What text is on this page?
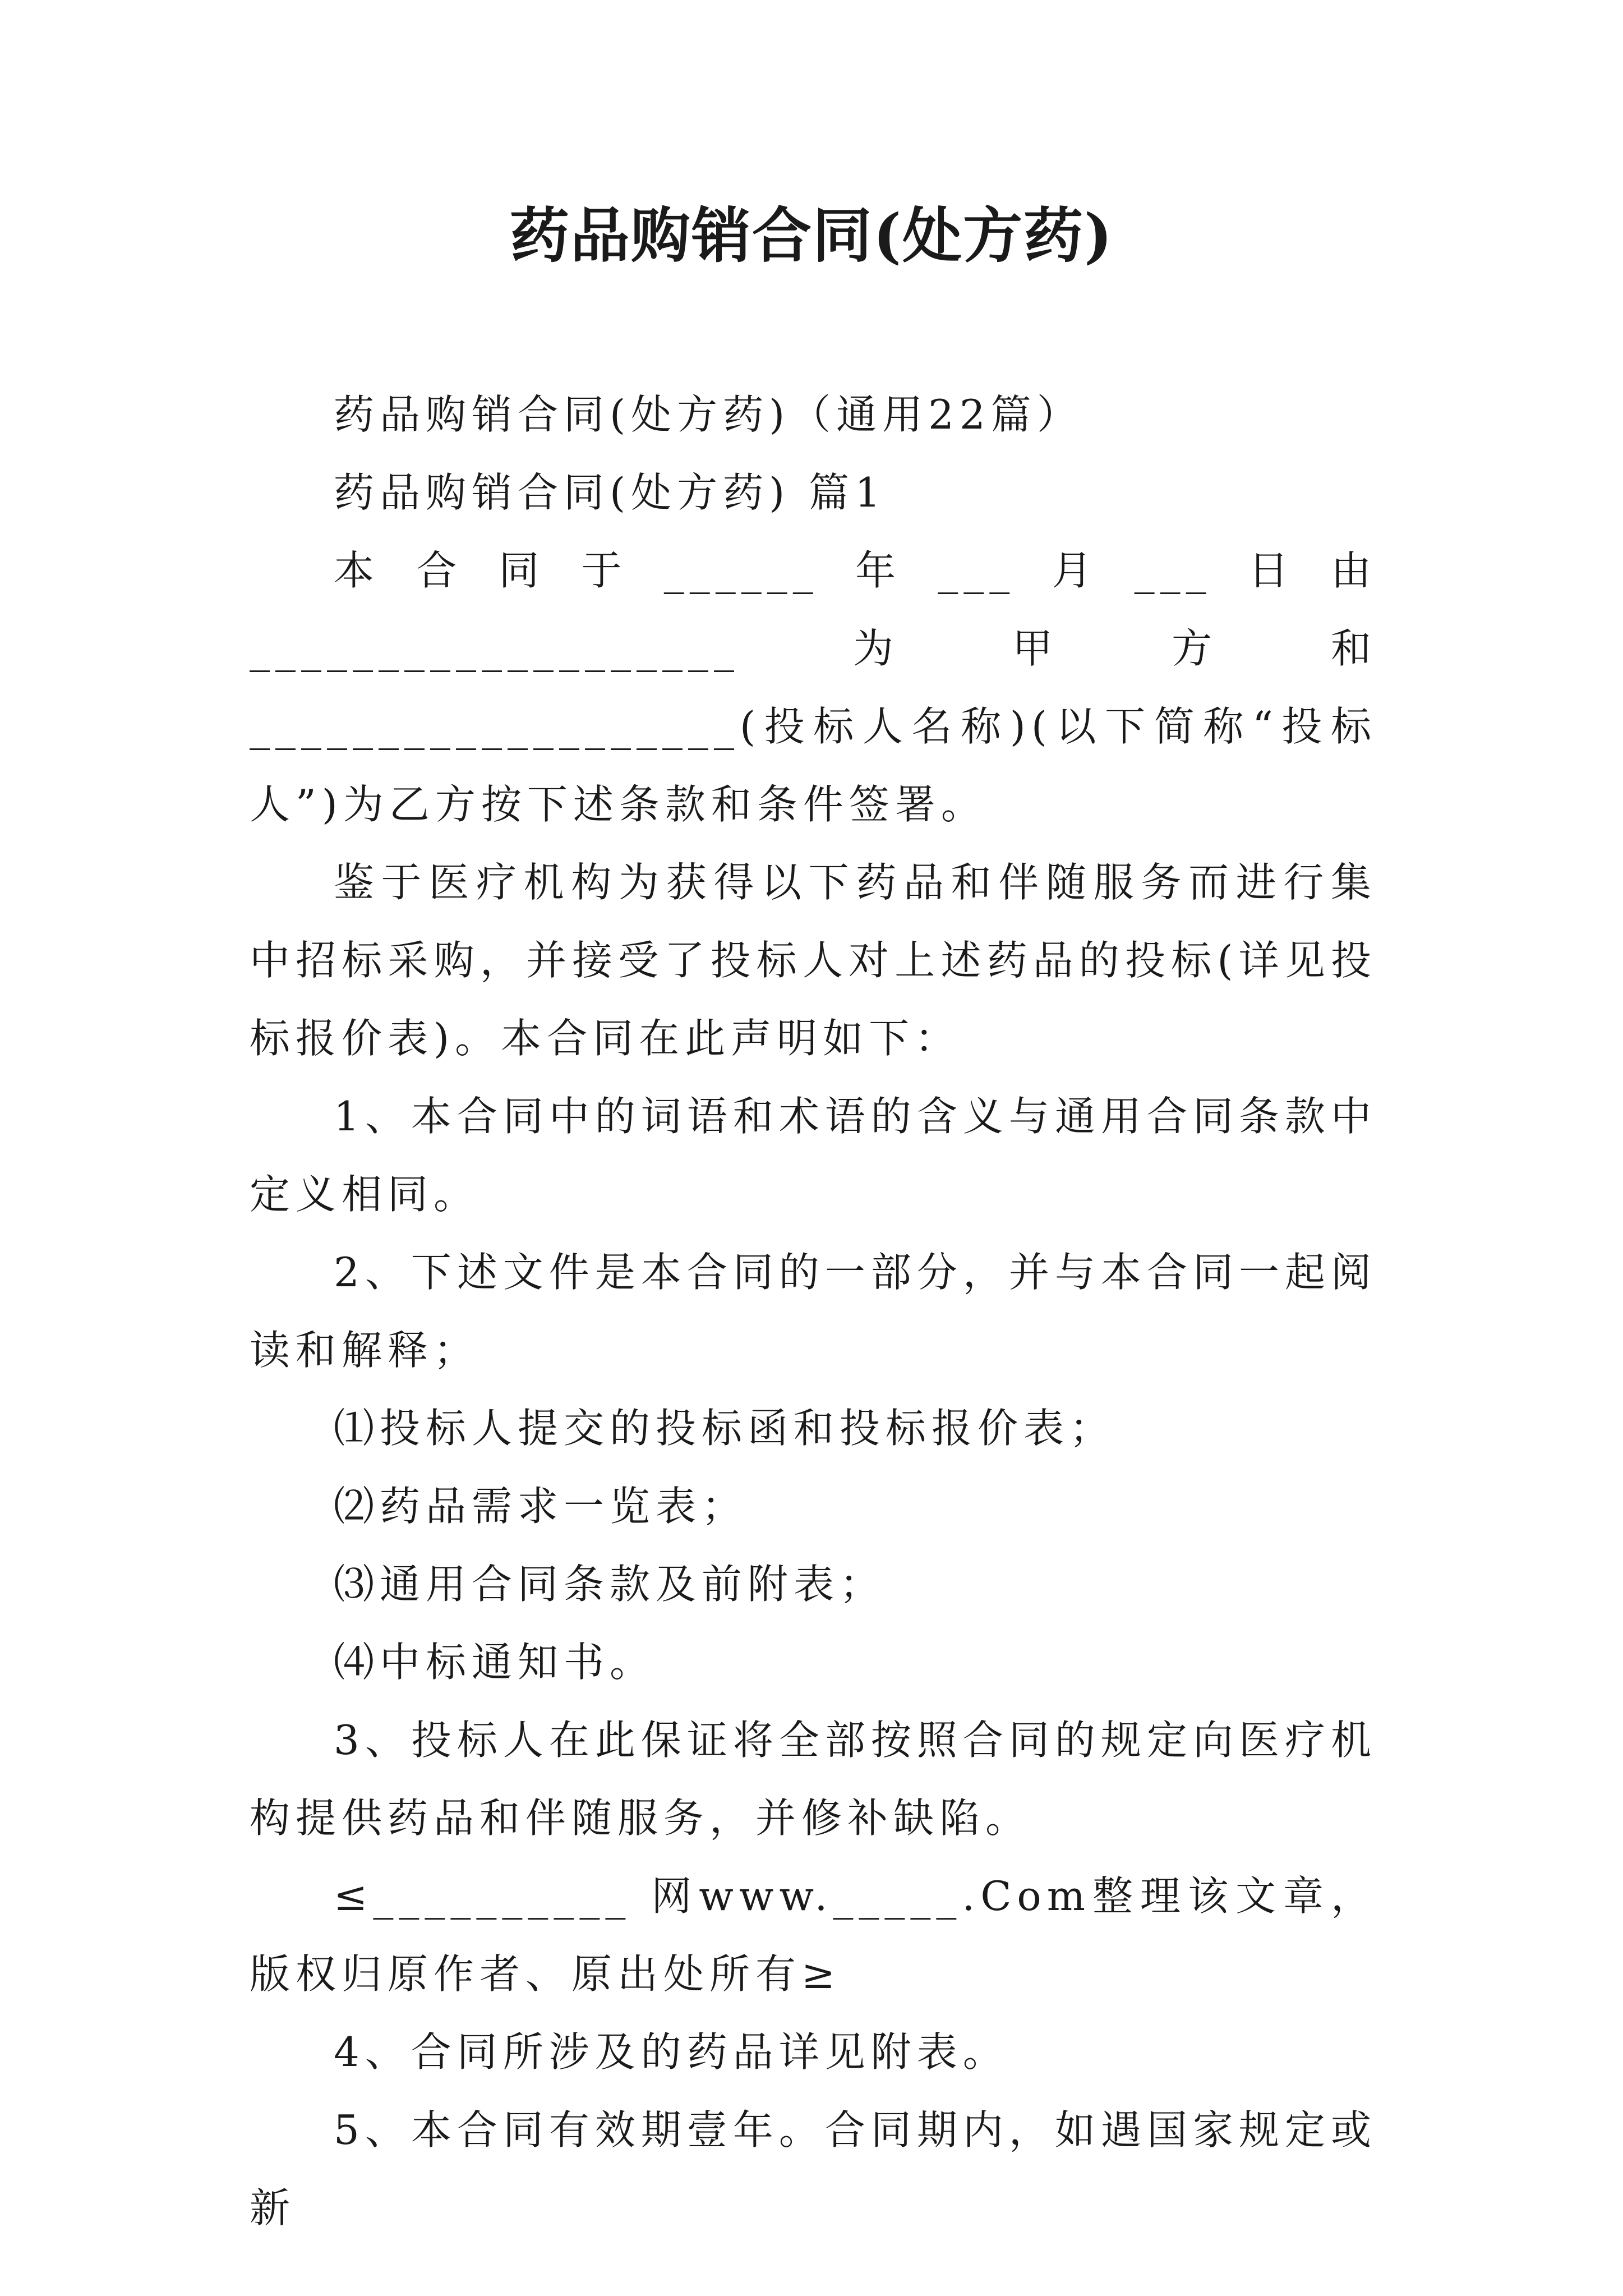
药品购销合同(处方药)

药品购销合同(处方药)（通用22篇）

药品购销合同(处方药) 篇1

本合同于______年___月___日由___________________为甲方和___________________(投标人名称)(以下简称“投标人”)为乙方按下述条款和条件签署。

鉴于医疗机构为获得以下药品和伴随服务而进行集中招标采购，并接受了投标人对上述药品的投标(详见投标报价表)。本合同在此声明如下：

1、本合同中的词语和术语的含义与通用合同条款中定义相同。

2、下述文件是本合同的一部分，并与本合同一起阅读和解释；

⑴投标人提交的投标函和投标报价表；

⑵药品需求一览表；

⑶通用合同条款及前附表；

⑷中标通知书。

3、投标人在此保证将全部按照合同的规定向医疗机构提供药品和伴随服务，并修补缺陷。

≤__________ 网www._____.Com整理该文章，版权归原作者、原出处所有≥

4、合同所涉及的药品详见附表。

5、本合同有效期壹年。合同期内，如遇国家规定或新
